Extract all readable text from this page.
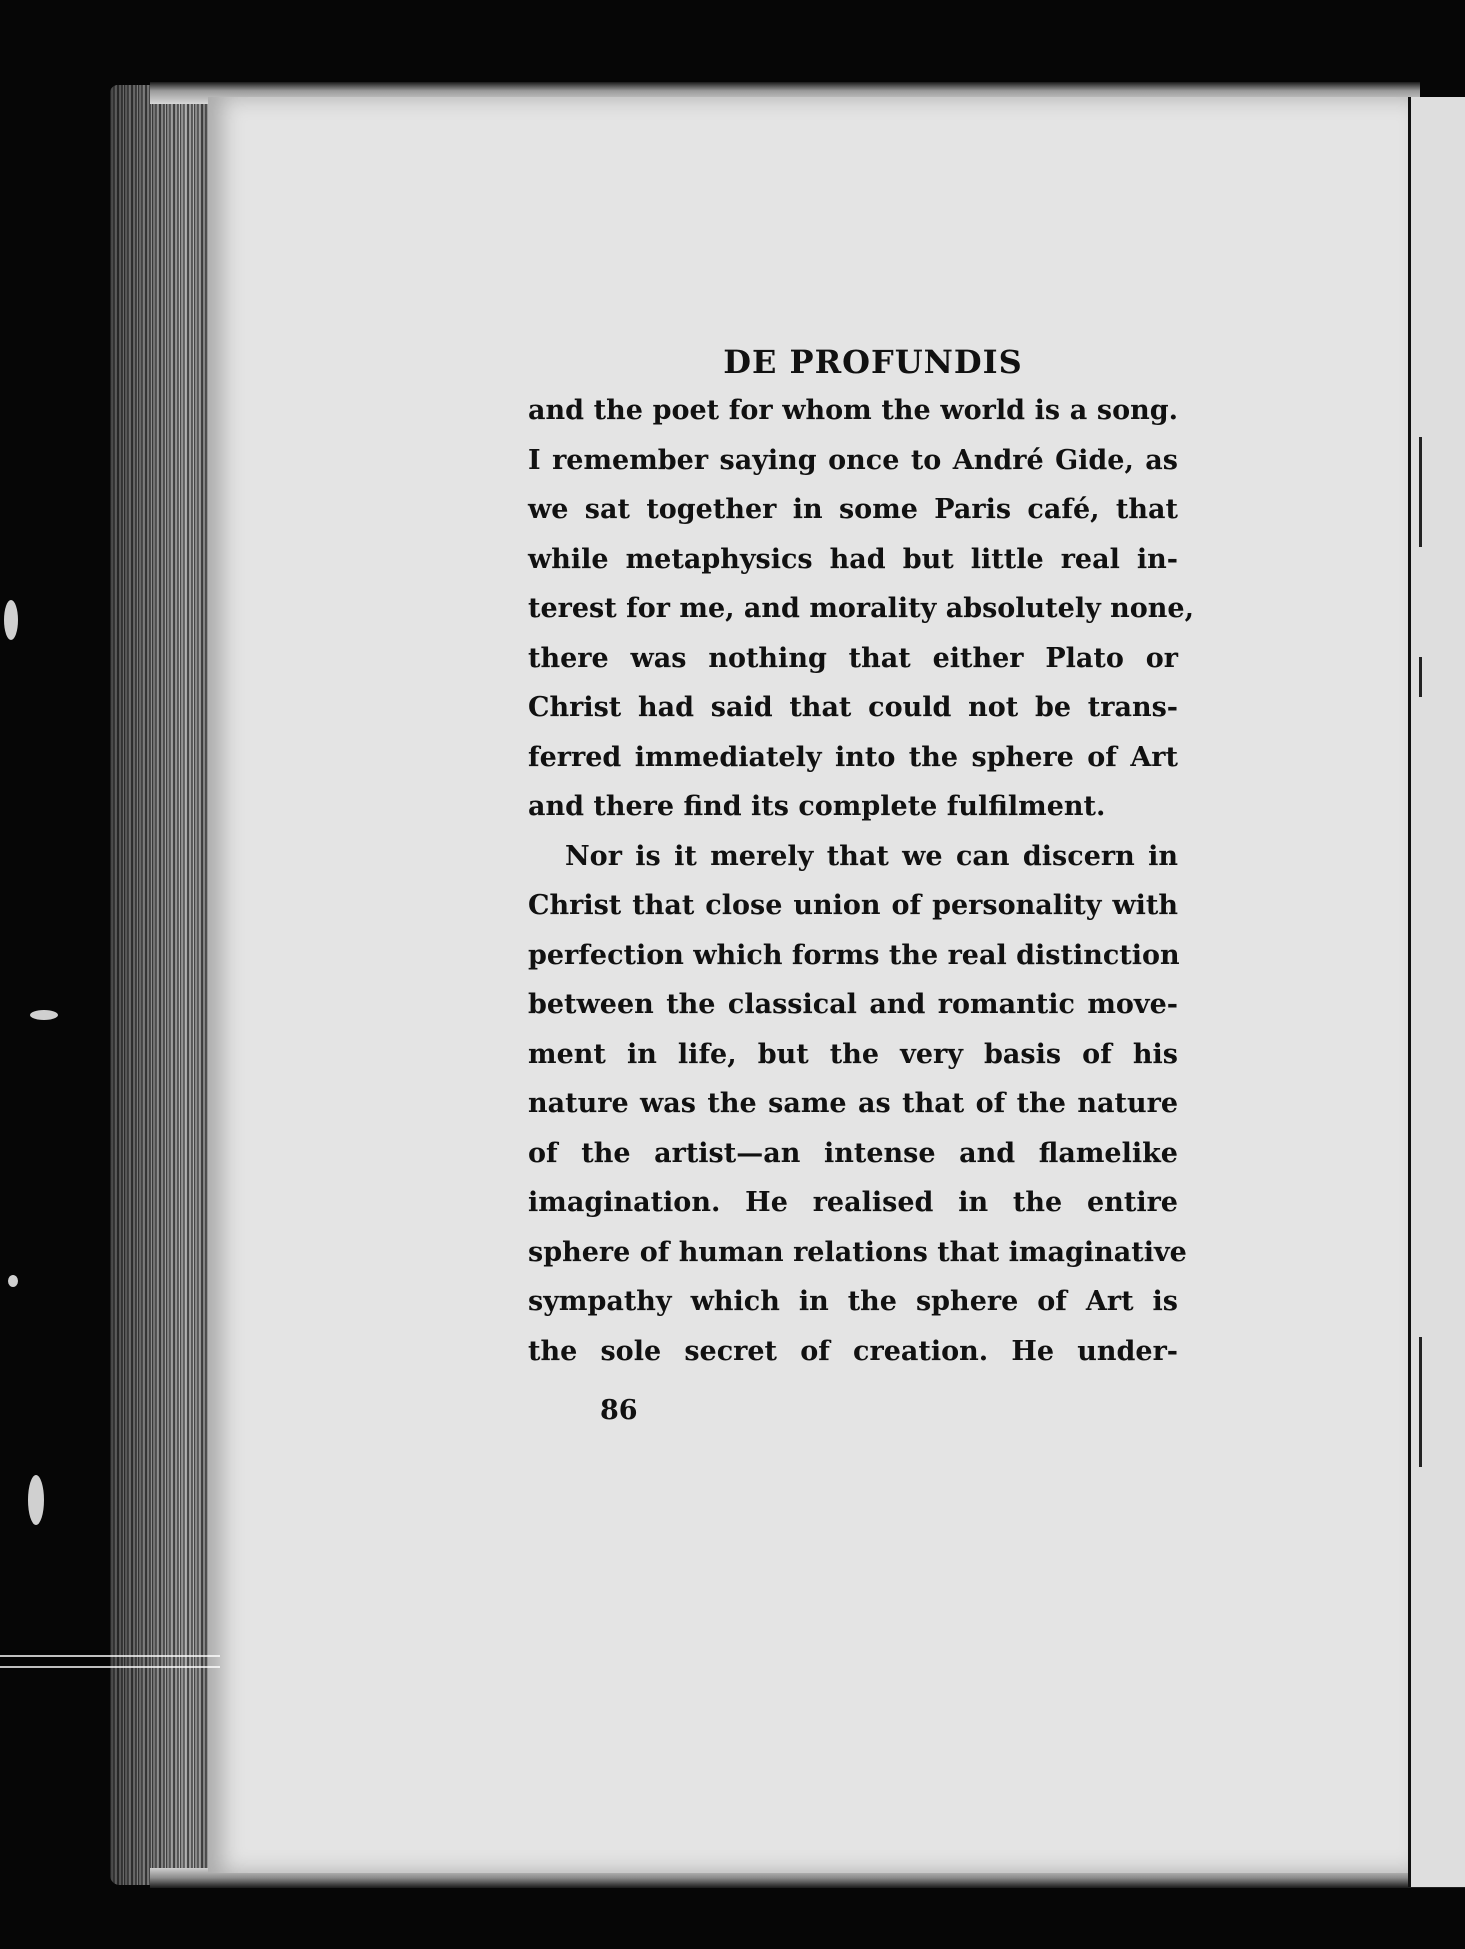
DE PROFUNDIS
and the poet for whom the world is a song.
I remember saying once to André Gide, as
we sat together in some Paris café, that
while metaphysics had but little real in-
terest for me, and morality absolutely none,
there was nothing that either Plato or
Christ had said that could not be trans-
ferred immediately into the sphere of Art
and there find its complete fulfilment.
Nor is it merely that we can discern in
Christ that close union of personality with
perfection which forms the real distinction
between the classical and romantic move-
ment in life, but the very basis of his
nature was the same as that of the nature
of the artist—an intense and flamelike
imagination. He realised in the entire
sphere of human relations that imaginative
sympathy which in the sphere of Art is
the sole secret of creation. He under-
86
